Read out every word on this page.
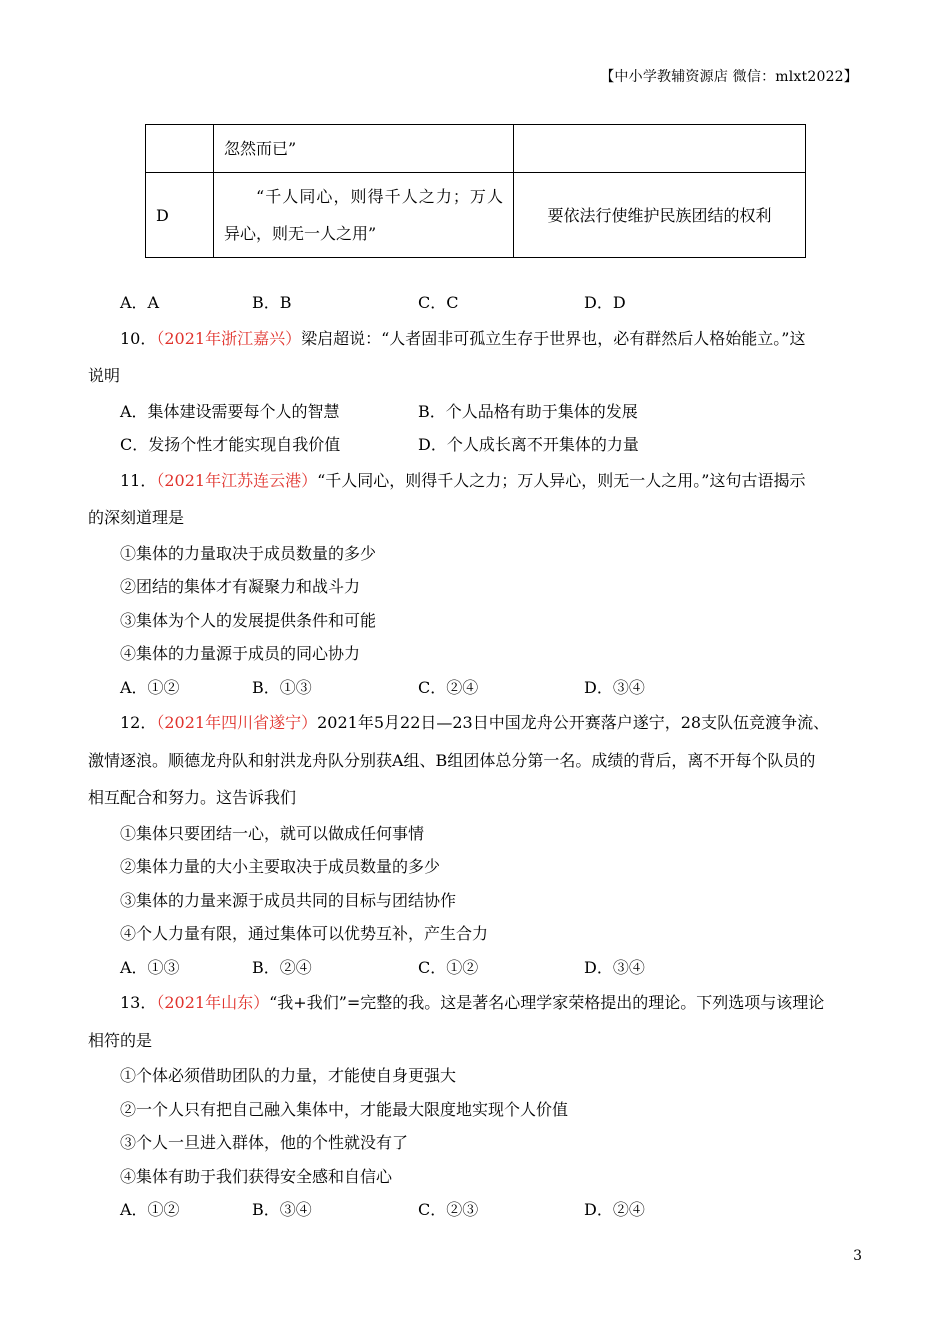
【中小学教辅资源店 微信：mlxt2022】
	忽然而已”	
D	“千人同心，则得千人之力；万人异心，则无一人之用”	要依法行使维护民族团结的权利
A．A	B．B	C．C	D．D
10．（2021年浙江嘉兴）梁启超说：“人者固非可孤立生存于世界也，必有群然后人格始能立。”这
说明
A．集体建设需要每个人的智慧	B．个人品格有助于集体的发展
C．发扬个性才能实现自我价值	D．个人成长离不开集体的力量
11．（2021年江苏连云港）“千人同心，则得千人之力；万人异心，则无一人之用。”这句古语揭示
的深刻道理是
①集体的力量取决于成员数量的多少
②团结的集体才有凝聚力和战斗力
③集体为个人的发展提供条件和可能
④集体的力量源于成员的同心协力
A．①②	B．①③	C．②④	D．③④
12．（2021年四川省遂宁）2021年5月22日—23日中国龙舟公开赛落户遂宁，28支队伍竞渡争流、
激情逐浪。顺德龙舟队和射洪龙舟队分别获A组、B组团体总分第一名。成绩的背后，离不开每个队员的
相互配合和努力。这告诉我们
①集体只要团结一心，就可以做成任何事情
②集体力量的大小主要取决于成员数量的多少
③集体的力量来源于成员共同的目标与团结协作
④个人力量有限，通过集体可以优势互补，产生合力
A．①③	B．②④	C．①②	D．③④
13．（2021年山东）“我+我们”=完整的我。这是著名心理学家荣格提出的理论。下列选项与该理论
相符的是
①个体必须借助团队的力量，才能使自身更强大
②一个人只有把自己融入集体中，才能最大限度地实现个人价值
③个人一旦进入群体，他的个性就没有了
④集体有助于我们获得安全感和自信心
A．①②	B．③④	C．②③	D．②④
3
